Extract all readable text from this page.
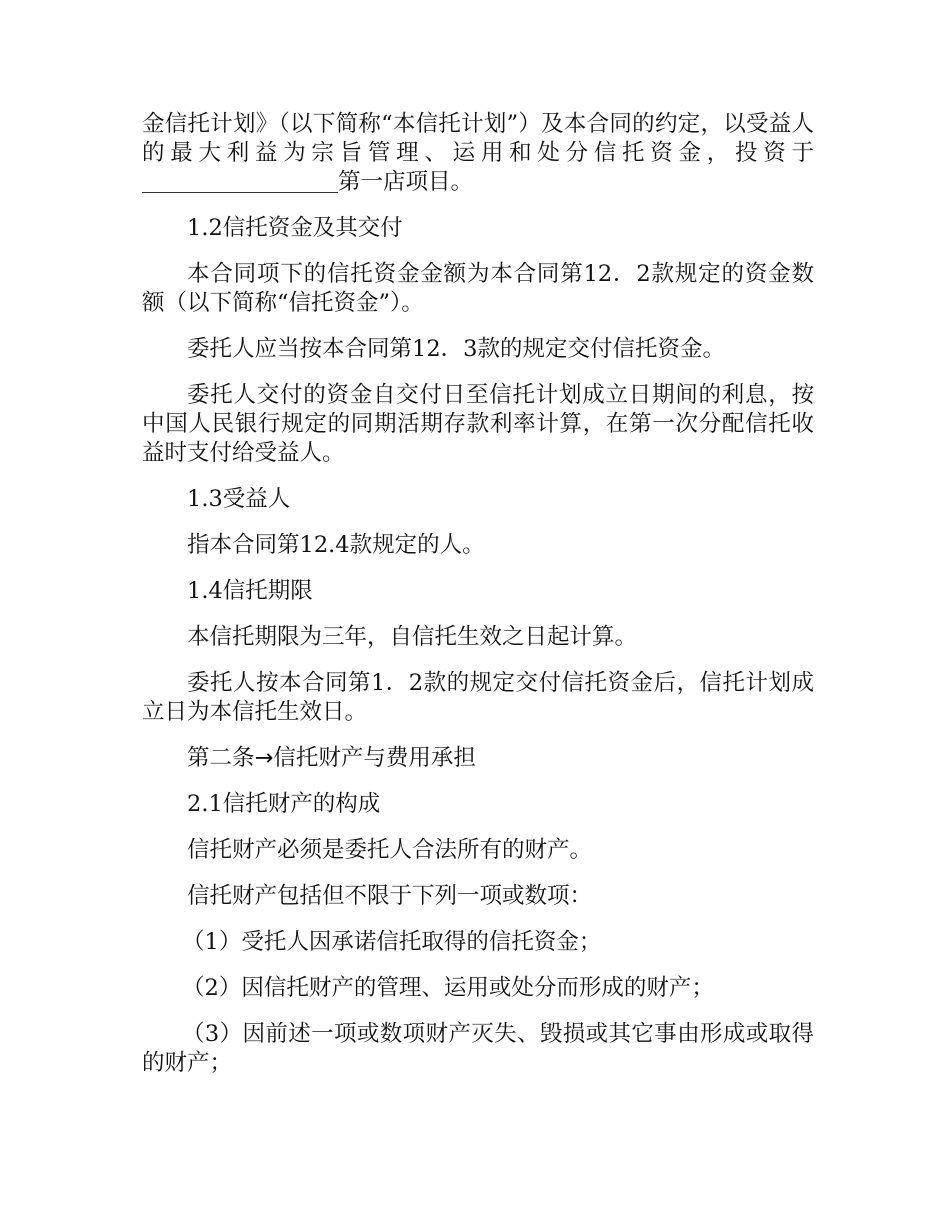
金信托计划》（以下简称“本信托计划”）及本合同的约定，以受益人的最大利益为宗旨管理、运用和处分信托资金，投资于第一店项目。

1.2信托资金及其交付

本合同项下的信托资金金额为本合同第12．2款规定的资金数额（以下简称“信托资金”）。

委托人应当按本合同第12．3款的规定交付信托资金。

委托人交付的资金自交付日至信托计划成立日期间的利息，按中国人民银行规定的同期活期存款利率计算，在第一次分配信托收益时支付给受益人。

1.3受益人

指本合同第12.4款规定的人。

1.4信托期限

本信托期限为三年，自信托生效之日起计算。

委托人按本合同第1．2款的规定交付信托资金后，信托计划成立日为本信托生效日。

第二条→信托财产与费用承担

2.1信托财产的构成

信托财产必须是委托人合法所有的财产。

信托财产包括但不限于下列一项或数项：

（1）受托人因承诺信托取得的信托资金；

（2）因信托财产的管理、运用或处分而形成的财产；

（3）因前述一项或数项财产灭失、毁损或其它事由形成或取得的财产；
